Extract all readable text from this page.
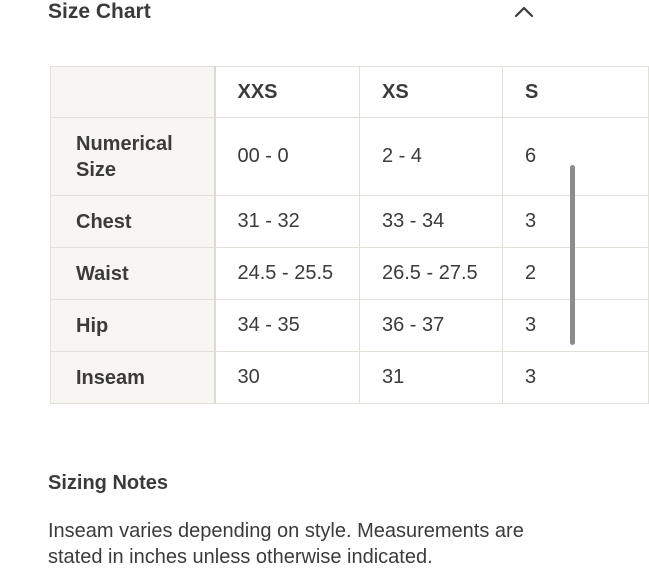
Size Chart
	XXS	XS	S
Numerical Size	00 - 0	2 - 4	6
Chest	31 - 32	33 - 34	3
Waist	24.5 - 25.5	26.5 - 27.5	2
Hip	34 - 35	36 - 37	3
Inseam	30	31	3
Sizing Notes
Inseam varies depending on style. Measurements are stated in inches unless otherwise indicated.
